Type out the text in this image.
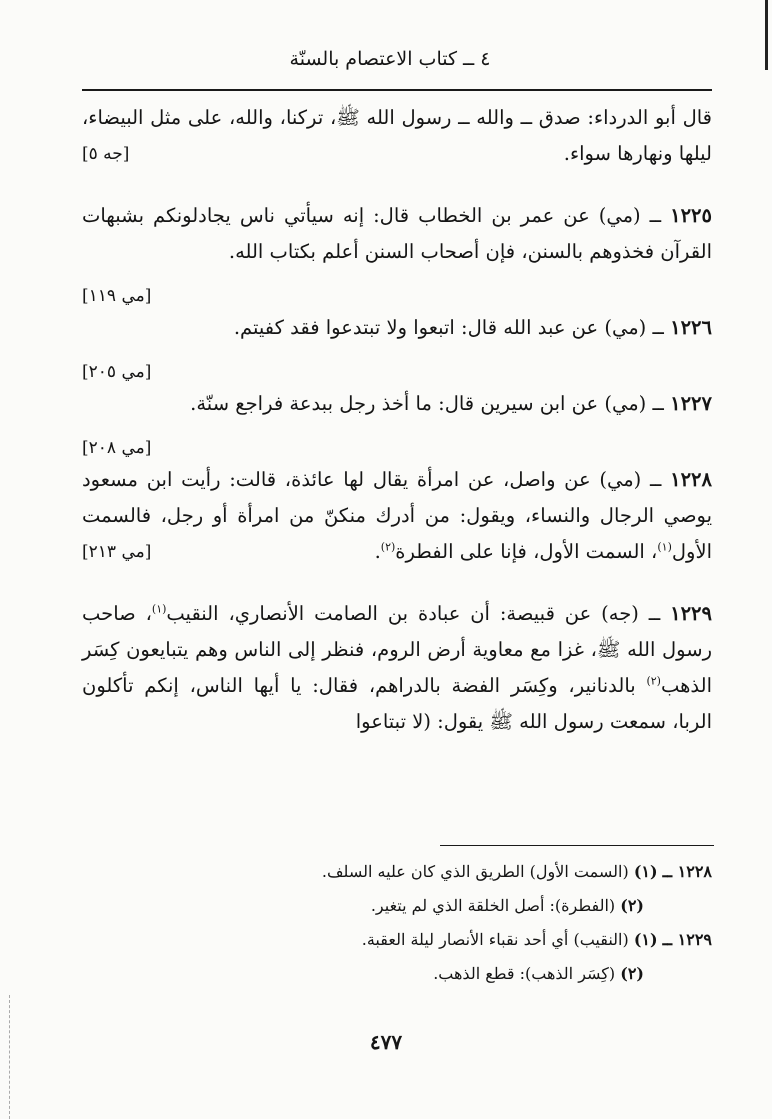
٤ ــ كتاب الاعتصام بالسنّة

قال أبو الدرداء: صدق ــ والله ــ رسول الله ﷺ، تركنا، والله، على مثل البيضاء، ليلها ونهارها سواء.
[جه ٥]

١٢٢٥ ــ (مي) عن عمر بن الخطاب قال: إنه سيأتي ناس يجادلونكم بشبهات القرآن فخذوهم بالسنن، فإن أصحاب السنن أعلم بكتاب الله.

[مي ١١٩]

١٢٢٦ ــ (مي) عن عبد الله قال: اتبعوا ولا تبتدعوا فقد كفيتم.

[مي ٢٠٥]

١٢٢٧ ــ (مي) عن ابن سيرين قال: ما أخذ رجل ببدعة فراجع سنّة.

[مي ٢٠٨]

١٢٢٨ ــ (مي) عن واصل، عن امرأة يقال لها عائذة، قالت: رأيت ابن مسعود يوصي الرجال والنساء، ويقول: من أدرك منكنّ من امرأة أو رجل، فالسمت الأول$^{(١)}$، السمت الأول، فإنا على الفطرة$^{(٢)}$.
[مي ٢١٣]

١٢٢٩ ــ (جه) عن قبيصة: أن عبادة بن الصامت الأنصاري، النقيب$^{(١)}$، صاحب رسول الله ﷺ، غزا مع معاوية أرض الروم، فنظر إلى الناس وهم يتبايعون كِسَر الذهب$^{(٢)}$ بالدنانير، وكِسَر الفضة بالدراهم، فقال: يا أيها الناس، إنكم تأكلون الربا، سمعت رسول الله ﷺ يقول: (لا تبتاعوا

١٢٢٨ ــ (١) (السمت الأول) الطريق الذي كان عليه السلف.

(٢) (الفطرة): أصل الخلقة الذي لم يتغير.

١٢٢٩ ــ (١) (النقيب) أي أحد نقباء الأنصار ليلة العقبة.

(٢) (كِسَر الذهب): قطع الذهب.

٤٧٧
